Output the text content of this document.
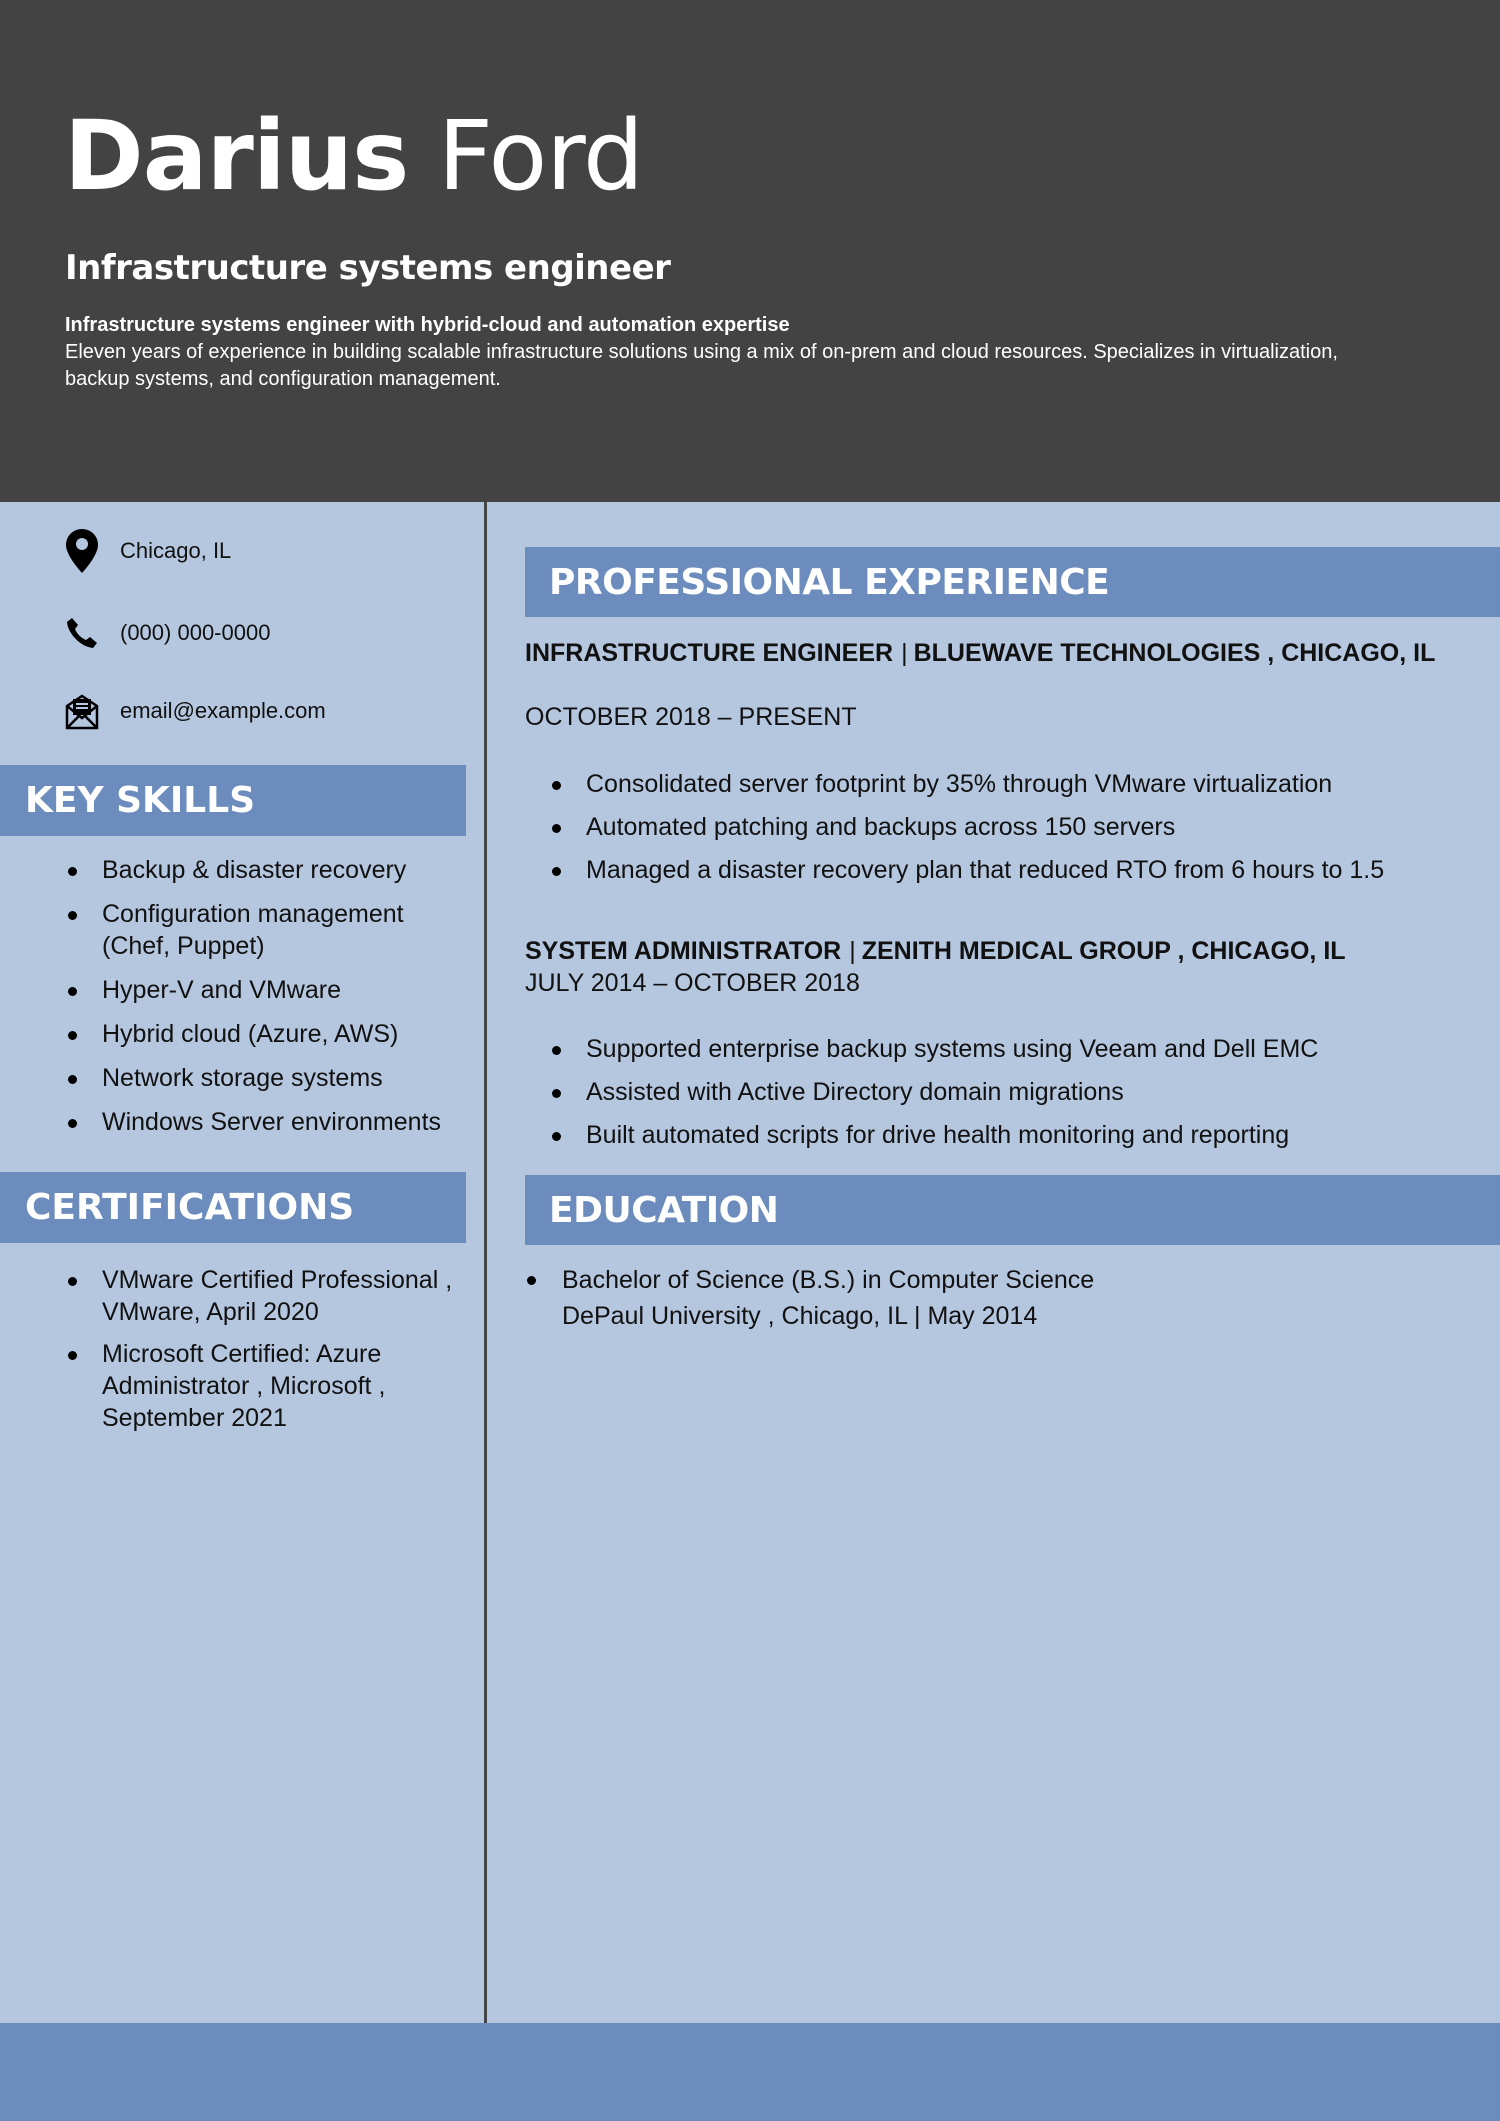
Darius Ford
Infrastructure systems engineer
Infrastructure systems engineer with hybrid-cloud and automation expertise
Eleven years of experience in building scalable infrastructure solutions using a mix of on-prem and cloud resources. Specializes in virtualization, backup systems, and configuration management.
Chicago, IL
(000) 000-0000
email@example.com
KEY SKILLS
Backup & disaster recovery
Configuration management (Chef, Puppet)
Hyper-V and VMware
Hybrid cloud (Azure, AWS)
Network storage systems
Windows Server environments
CERTIFICATIONS
VMware Certified Professional , VMware, April 2020
Microsoft Certified: Azure Administrator , Microsoft , September 2021
PROFESSIONAL EXPERIENCE
INFRASTRUCTURE ENGINEER | BLUEWAVE TECHNOLOGIES , CHICAGO, IL
OCTOBER 2018 – PRESENT
Consolidated server footprint by 35% through VMware virtualization
Automated patching and backups across 150 servers
Managed a disaster recovery plan that reduced RTO from 6 hours to 1.5
SYSTEM ADMINISTRATOR | ZENITH MEDICAL GROUP , CHICAGO, IL
JULY 2014 – OCTOBER 2018
Supported enterprise backup systems using Veeam and Dell EMC
Assisted with Active Directory domain migrations
Built automated scripts for drive health monitoring and reporting
EDUCATION
Bachelor of Science (B.S.) in Computer Science
DePaul University , Chicago, IL | May 2014
